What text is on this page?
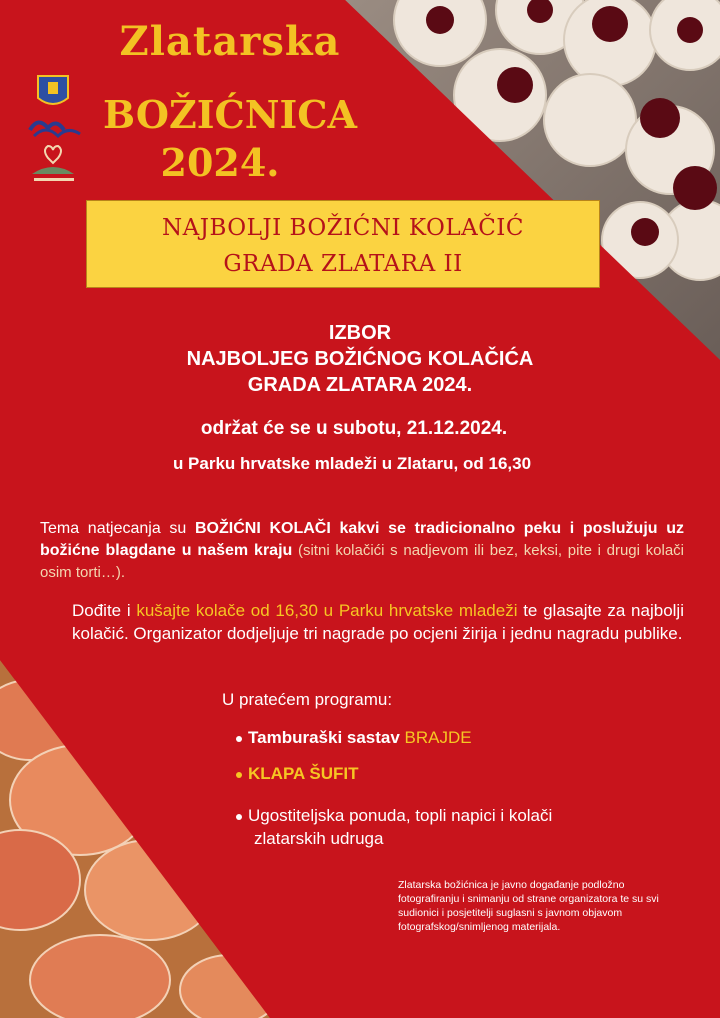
Zlatarska
BOŽIĆNICA
2024.
NAJBOLJI BOŽIĆNI KOLAČIĆ
GRADA ZLATARA II
IZBOR
NAJBOLJEG BOŽIĆNOG KOLAČIĆA
GRADA ZLATARA 2024.
održat će se u subotu, 21.12.2024.
u Parku hrvatske mladeži u Zlataru, od 16,30
Tema natjecanja su BOŽIĆNI KOLAČI kakvi se tradicionalno peku i poslužuju uz božićne blagdane u našem kraju (sitni kolačići s nadjevom ili bez, keksi, pite i drugi kolači osim torti…).
Dođite i kušajte kolače od 16,30 u Parku hrvatske mladeži te glasajte za najbolji kolačić. Organizator dodjeljuje tri nagrade po ocjeni žirija i jednu nagradu publike.
U pratećem programu:
Tamburaški sastav BRAJDE
KLAPA ŠUFIT
Ugostiteljska ponuda, topli napici i kolači
zlatarskih udruga
Zlatarska božićnica je javno događanje podložno fotografiranju i snimanju od strane organizatora te su svi sudionici i posjetitelji suglasni s javnom objavom fotografskog/snimljenog materijala.
